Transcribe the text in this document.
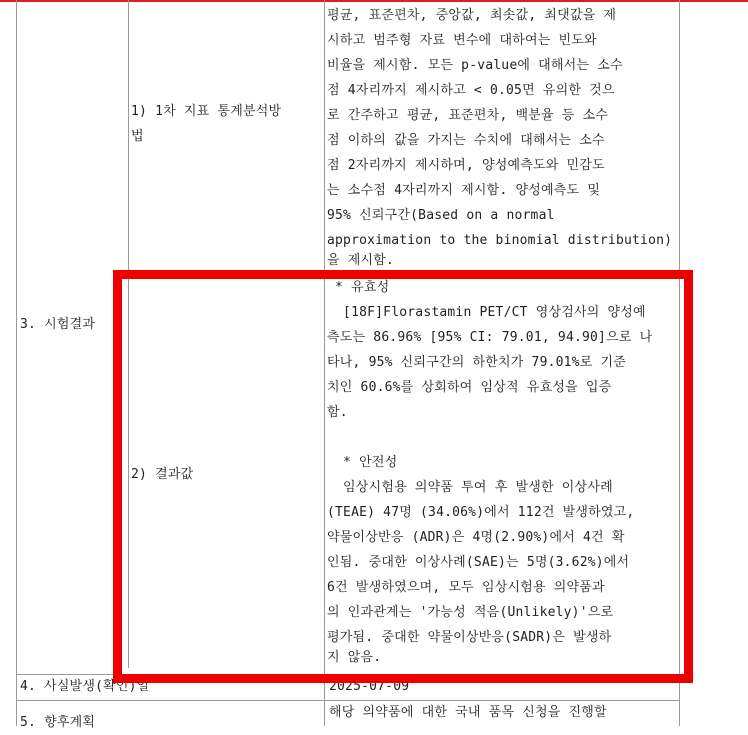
3. 시험결과
1) 1차 지표 통계분석방
법
평균, 표준편차, 중앙값, 최솟값, 최댓값을 제
시하고 범주형 자료 변수에 대하여는 빈도와
비율을 제시함. 모든 p-value에 대해서는 소수
점 4자리까지 제시하고 < 0.05면 유의한 것으
로 간주하고 평균, 표준편차, 백분율 등 소수
점 이하의 값을 가지는 수치에 대해서는 소수
점 2자리까지 제시하며, 양성예측도와 민감도
는 소수점 4자리까지 제시함. 양성예측도 및
95% 신뢰구간(Based on a normal
approximation to the binomial distribution)
을 제시함.
2) 결과값
* 유효성
[18F]Florastamin PET/CT 영상검사의 양성예
측도는 86.96% [95% CI: 79.01, 94.90]으로 나
타나, 95% 신뢰구간의 하한치가 79.01%로 기준
치인 60.6%를 상회하여 임상적 유효성을 입증
함.
* 안전성
임상시험용 의약품 투여 후 발생한 이상사례
(TEAE) 47명 (34.06%)에서 112건 발생하였고,
약물이상반응 (ADR)은 4명(2.90%)에서 4건 확
인됨. 중대한 이상사례(SAE)는 5명(3.62%)에서
6건 발생하였으며, 모두 임상시험용 의약품과
의 인과관계는 '가능성 적음(Unlikely)'으로
평가됨. 중대한 약물이상반응(SADR)은 발생하
지 않음.
4. 사실발생(확인)일	2025-07-09
5. 향후계획
해당 의약품에 대한 국내 품목 신청을 진행할
